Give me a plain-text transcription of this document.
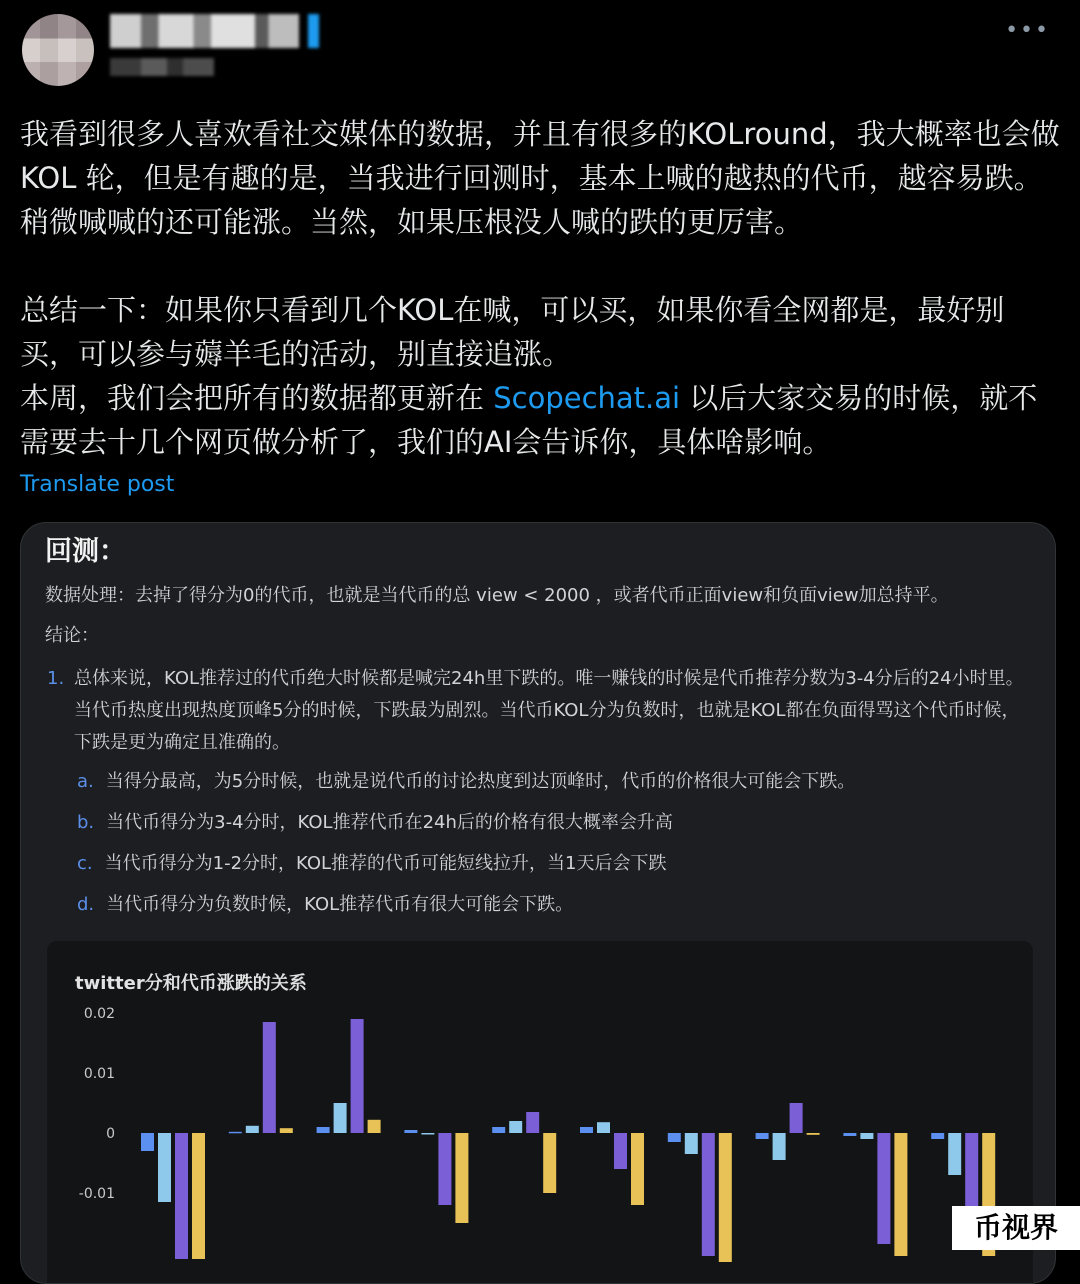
•••

我看到很多人喜欢看社交媒体的数据，并且有很多的KOLround，我大概率也会做KOL 轮，但是有趣的是，当我进行回测时，基本上喊的越热的代币，越容易跌。稍微喊喊的还可能涨。当然，如果压根没人喊的跌的更厉害。

总结一下：如果你只看到几个KOL在喊，可以买，如果你看全网都是，最好别买，可以参与薅羊毛的活动，别直接追涨。

本周，我们会把所有的数据都更新在 Scopechat.ai 以后大家交易的时候，就不需要去十几个网页做分析了，我们的AI会告诉你，具体啥影响。

Translate post
回测：
数据处理：去掉了得分为0的代币，也就是当代币的总 view < 2000 ，或者代币正面view和负面view加总持平。
结论：
1. 总体来说，KOL推荐过的代币绝大时候都是喊完24h里下跌的。唯一赚钱的时候是代币推荐分数为3-4分后的24小时里。当代币热度出现热度顶峰5分的时候，下跌最为剧烈。当代币KOL分为负数时，也就是KOL都在负面得骂这个代币时候，下跌是更为确定且准确的。
a. 当得分最高，为5分时候，也就是说代币的讨论热度到达顶峰时，代币的价格很大可能会下跌。
b. 当代币得分为3-4分时，KOL推荐代币在24h后的价格有很大概率会升高
c. 当代币得分为1-2分时，KOL推荐的代币可能短线拉升，当1天后会下跌
d. 当代币得分为负数时候，KOL推荐代币有很大可能会下跌。
twitter分和代币涨跌的关系
0.02
0.01
0
-0.01
币视界
